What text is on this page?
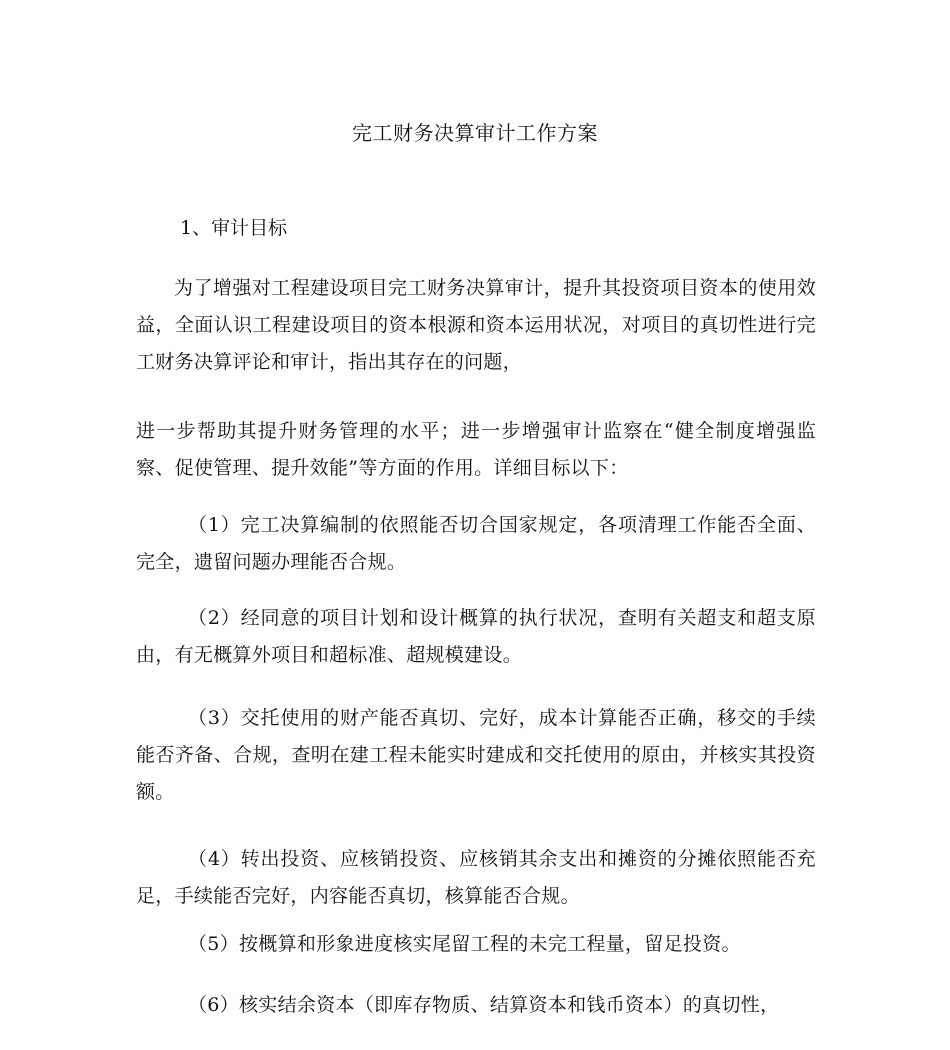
完工财务决算审计工作方案
1、审计目标
为了增强对工程建设项目完工财务决算审计，提升其投资项目资本的使用效益，全面认识工程建设项目的资本根源和资本运用状况，对项目的真切性进行完工财务决算评论和审计，指出其存在的问题，
进一步帮助其提升财务管理的水平；进一步增强审计监察在“健全制度增强监察、促使管理、提升效能”等方面的作用。详细目标以下：
（1）完工决算编制的依照能否切合国家规定，各项清理工作能否全面、完全，遗留问题办理能否合规。
（2）经同意的项目计划和设计概算的执行状况，查明有关超支和超支原由，有无概算外项目和超标准、超规模建设。
（3）交托使用的财产能否真切、完好，成本计算能否正确，移交的手续能否齐备、合规，查明在建工程未能实时建成和交托使用的原由，并核实其投资额。
（4）转出投资、应核销投资、应核销其余支出和摊资的分摊依照能否充足，手续能否完好，内容能否真切，核算能否合规。
（5）按概算和形象进度核实尾留工程的未完工程量，留足投资。
（6）核实结余资本（即库存物质、结算资本和钱币资本）的真切性，
